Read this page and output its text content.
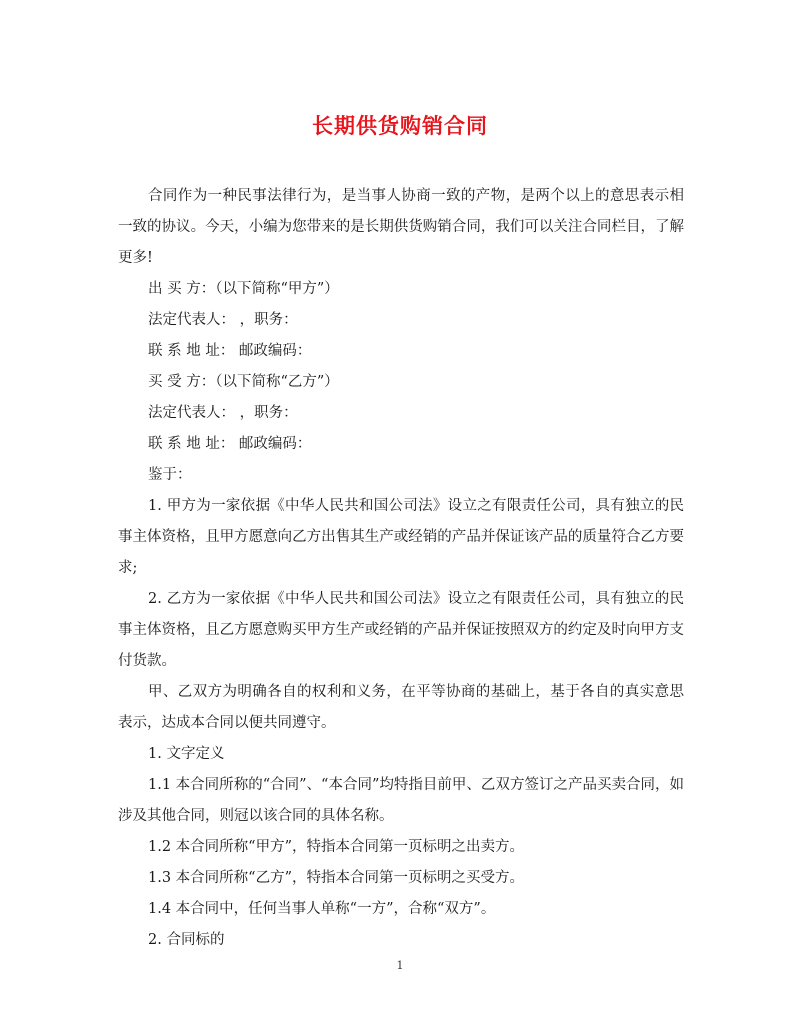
长期供货购销合同

合同作为一种民事法律行为，是当事人协商一致的产物，是两个以上的意思表示相一致的协议。今天，小编为您带来的是长期供货购销合同，我们可以关注合同栏目，了解更多!

出 买 方：（以下简称“甲方”）

法定代表人： ，职务：

联 系 地 址： 邮政编码：

买 受 方：（以下简称“乙方”）

法定代表人： ，职务：

联 系 地 址： 邮政编码：

鉴于：

1. 甲方为一家依据《中华人民共和国公司法》设立之有限责任公司，具有独立的民事主体资格，且甲方愿意向乙方出售其生产或经销的产品并保证该产品的质量符合乙方要求;

2. 乙方为一家依据《中华人民共和国公司法》设立之有限责任公司，具有独立的民事主体资格，且乙方愿意购买甲方生产或经销的产品并保证按照双方的约定及时向甲方支付货款。

甲、乙双方为明确各自的权利和义务，在平等协商的基础上，基于各自的真实意思表示，达成本合同以便共同遵守。

1. 文字定义

1.1 本合同所称的“合同”、“本合同”均特指目前甲、乙双方签订之产品买卖合同，如涉及其他合同，则冠以该合同的具体名称。

1.2 本合同所称“甲方”，特指本合同第一页标明之出卖方。

1.3 本合同所称“乙方”，特指本合同第一页标明之买受方。

1.4 本合同中，任何当事人单称“一方”，合称“双方”。

2. 合同标的

1
